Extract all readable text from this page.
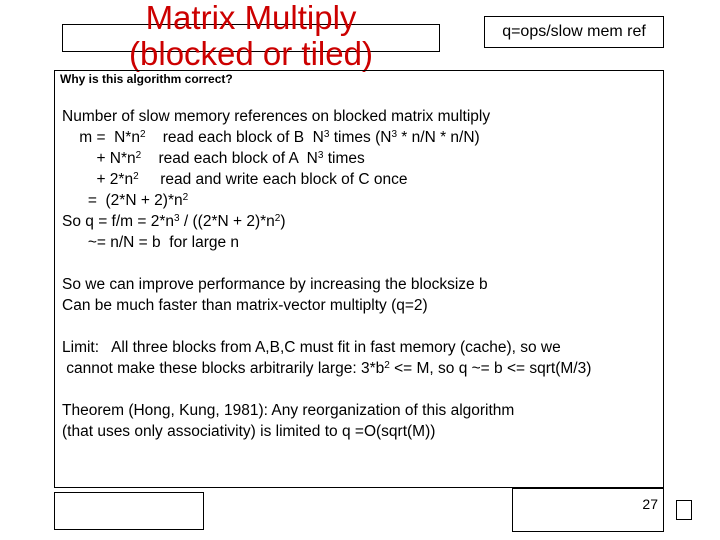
Matrix Multiply
(blocked or tiled)
q=ops/slow mem ref
Why is this algorithm correct?
Number of slow memory references on blocked matrix multiply
$m = N*n^2$    read each block of B  $N^3$ times $(N^3 * n/N * n/N)$
+ $N*n^2$    read each block of A  $N^3$ times
+ $2*n^2$     read and write each block of C once
=  $(2*N + 2)*n^2$
So $q = f/m = 2*n^3 / ((2*N + 2)*n^2)$
~= n/N = b  for large n
So we can improve performance by increasing the blocksize b
Can be much faster than matrix-vector multiplty (q=2)
Limit:   All three blocks from A,B,C must fit in fast memory (cache), so we
cannot make these blocks arbitrarily large: $3*b^2 <= M$, so q ~= b <= sqrt(M/3)
Theorem (Hong, Kung, 1981): Any reorganization of this algorithm
(that uses only associativity) is limited to q =O(sqrt(M))
27
